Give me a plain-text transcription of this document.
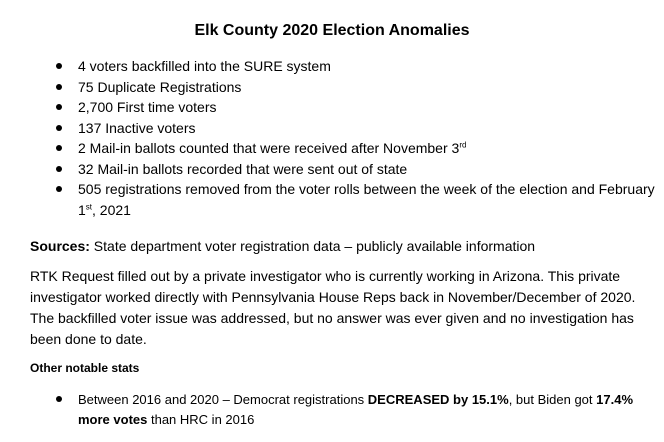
Elk County 2020 Election Anomalies
4 voters backfilled into the SURE system
75 Duplicate Registrations
2,700 First time voters
137 Inactive voters
2 Mail-in ballots counted that were received after November 3rd
32 Mail-in ballots recorded that were sent out of state
505 registrations removed from the voter rolls between the week of the election and February 1st, 2021
Sources: State department voter registration data – publicly available information
RTK Request filled out by a private investigator who is currently working in Arizona. This private investigator worked directly with Pennsylvania House Reps back in November/December of 2020. The backfilled voter issue was addressed, but no answer was ever given and no investigation has been done to date.
Other notable stats
Between 2016 and 2020 – Democrat registrations DECREASED by 15.1%, but Biden got 17.4% more votes than HRC in 2016
